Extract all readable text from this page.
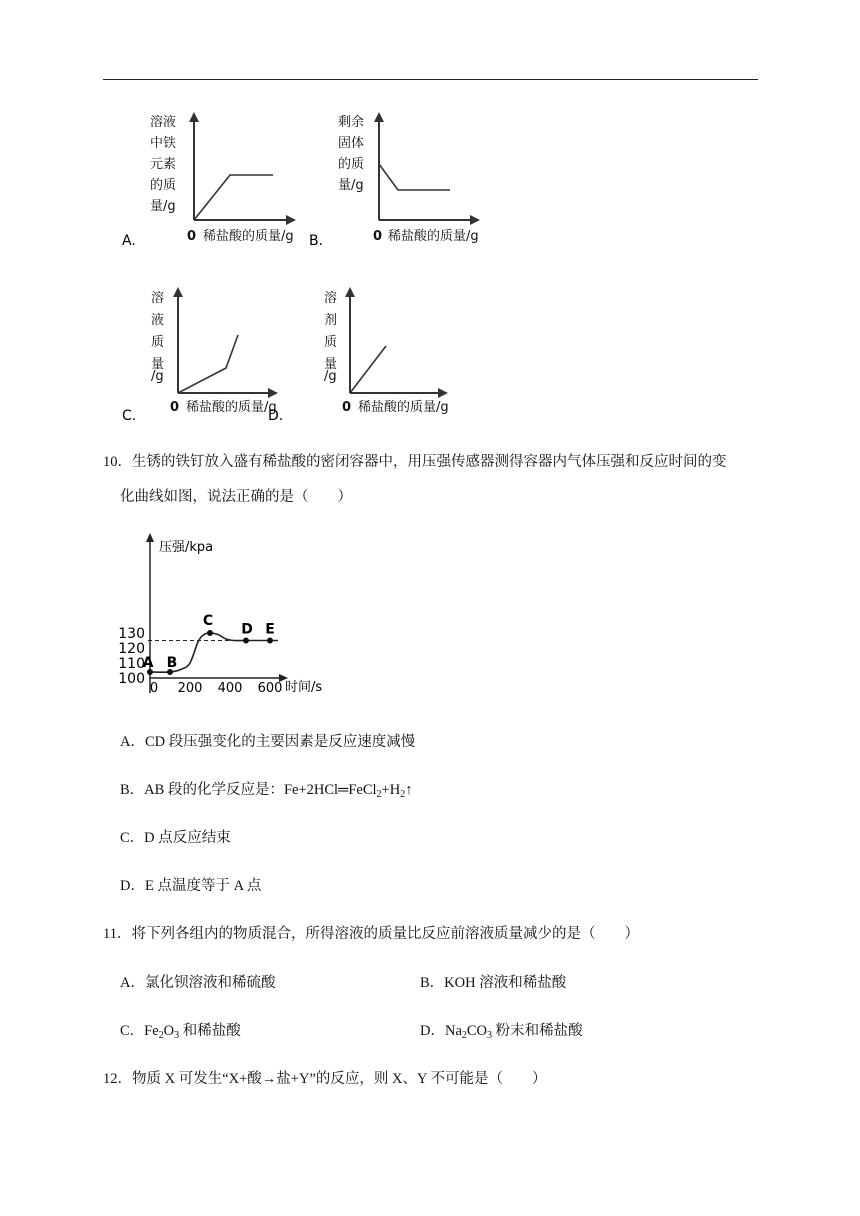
溶液
中铁
元素
的质
量/g
0 稀盐酸的质量/g
A.
剩余
固体
的质
量/g
0 稀盐酸的质量/g
B.
溶
液
质
量
/g
0 稀盐酸的质量/g
C.
溶
剂
质
量
/g
0 稀盐酸的质量/g
D.
10．生锈的铁钉放入盛有稀盐酸的密闭容器中，用压强传感器测得容器内气体压强和反应时间的变
化曲线如图，说法正确的是（　　）
压强/kpa
时间/s
130
120
110
100
0 200 400 600
A B
C
D E
A．CD 段压强变化的主要因素是反应速度减慢
B．AB 段的化学反应是：$Fe+2HCl═FeCl_2+H_2↑$
C．D 点反应结束
D．E 点温度等于 A 点
11．将下列各组内的物质混合，所得溶液的质量比反应前溶液质量减少的是（　　）
A．氯化钡溶液和稀硫酸	B．KOH 溶液和稀盐酸
C．$Fe_2O_3$ 和稀盐酸	D．$Na_2CO_3$ 粉末和稀盐酸
12．物质 X 可发生“X+酸→盐+Y”的反应，则 X、Y 不可能是（　　）
